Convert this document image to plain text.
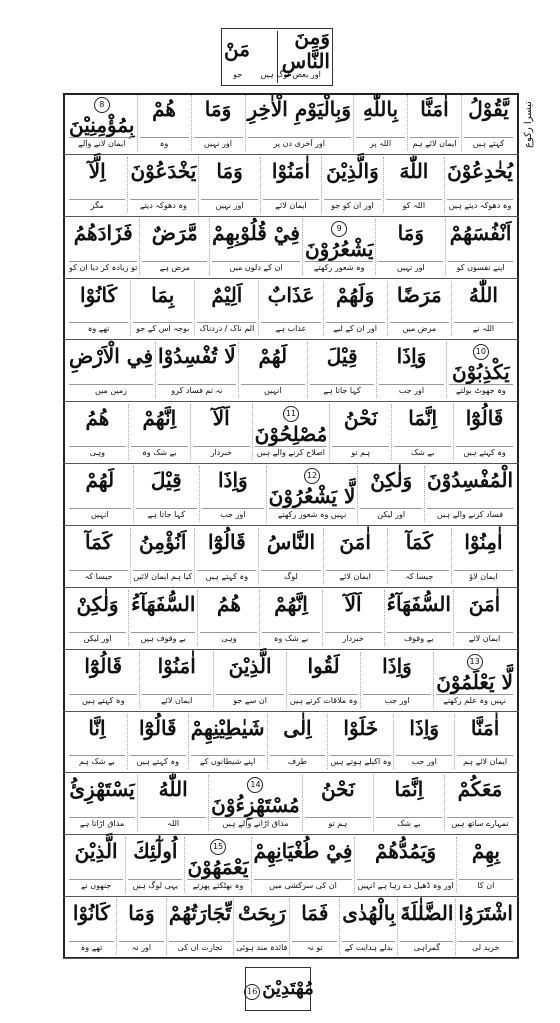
وَمِنَ النَّاسِ
مَنْ
اور بعض لوگ ہیں
جو
تیسرا رکوع
يَّقُوْلُ
کہتے ہیں
اٰمَنَّا
ایمان لائے ہم
بِاللّٰهِ
اللہ پر
وَبِالْيَوْمِ الْاٰخِرِ
اور آخری دن پر
وَمَا
اور نہیں
هُمْ
وہ
8
بِمُؤْمِنِيْنَ
ایمان لانے والے
يُخٰدِعُوْنَ
وہ دھوکہ دیتے ہیں
اللّٰهَ
اللہ کو
وَالَّذِيْنَ
اور ان کو جو
اٰمَنُوْا
ایمان لائے
وَمَا
اور نہیں
يَخْدَعُوْنَ
وہ دھوکہ دیتے
اِلَّآ
مگر
اَنْفُسَهُمْ
اپنے نفسوں کو
وَمَا
اور نہیں
9
يَشْعُرُوْنَ
وہ شعور رکھتے
فِيْ قُلُوْبِهِمْ
ان کے دلوں میں
مَّرَضٌ
مرض ہے
فَزَادَهُمُ
تو زیادہ کر دیا ان کو
اللّٰهُ
اللہ نے
مَرَضًا
مرض میں
وَلَهُمْ
اور ان کے لیے
عَذَابٌ
عذاب ہے
اَلِيْمٌ
الم ناک / دردناک
بِمَا
بوجہ اس کے جو
كَانُوْا
تھے وہ
10
يَكْذِبُوْنَ
وہ جھوٹ بولتے
وَاِذَا
اور جب
قِيْلَ
کہا جاتا ہے
لَهُمْ
انہیں
لَا تُفْسِدُوْا
نہ تم فساد کرو
فِي الْاَرْضِ
زمین میں
قَالُوْٓا
وہ کہتے ہیں
اِنَّمَا
بے شک
نَحْنُ
ہم تو
11
مُصْلِحُوْنَ
اصلاح کرنے والے ہیں
اَلَآ
خبردار
اِنَّهُمْ
بے شک وہ
هُمُ
وہی
الْمُفْسِدُوْنَ
فساد کرنے والے ہیں
وَلٰكِنْ
اور لیکن
12
لَّا يَشْعُرُوْنَ
نہیں وہ شعور رکھتے
وَاِذَا
اور جب
قِيْلَ
کہا جاتا ہے
لَهُمْ
انہیں
اٰمِنُوْا
ایمان لاؤ
كَمَآ
جیسا کہ
اٰمَنَ
ایمان لائے
النَّاسُ
لوگ
قَالُوْٓا
وہ کہتے ہیں
اَنُؤْمِنُ
کیا ہم ایمان لائیں
كَمَآ
جیسا کہ
اٰمَنَ
ایمان لائے
السُّفَهَآءُ
بے وقوف
اَلَآ
خبردار
اِنَّهُمْ
بے شک وہ
هُمُ
وہی
السُّفَهَآءُ
بے وقوف ہیں
وَلٰكِنْ
اور لیکن
13
لَّا يَعْلَمُوْنَ
نہیں وہ علم رکھتے
وَاِذَا
اور جب
لَقُوا
وہ ملاقات کرتے ہیں
الَّذِيْنَ
ان سے جو
اٰمَنُوْا
ایمان لائے
قَالُوْٓا
وہ کہتے ہیں
اٰمَنَّا
ایمان لائے ہم
وَاِذَا
اور جب
خَلَوْا
وہ اکیلے ہوتے ہیں
اِلٰى
طرف
شَيٰطِيْنِهِمْ
اپنے شیطانوں کے
قَالُوْٓا
وہ کہتے ہیں
اِنَّا
بے شک ہم
مَعَكُمْ
تمہارے ساتھ ہیں
اِنَّمَا
بے شک
نَحْنُ
ہم تو
14
مُسْتَهْزِءُوْنَ
مذاق اڑانے والے ہیں
اللّٰهُ
اللہ
يَسْتَهْزِئُ
مذاق اڑاتا ہے
بِهِمْ
ان کا
وَيَمُدُّهُمْ
اور وہ ڈھیل دے رہا ہے انہیں
فِيْ طُغْيَانِهِمْ
ان کی سرکشی میں
15
يَعْمَهُوْنَ
وہ بھٹکتے پھرتے
اُولٰٓئِكَ
یہی لوگ ہیں
الَّذِيْنَ
جنھوں نے
اشْتَرَوُا
خرید لی
الضَّلٰلَةَ
گمراہی
بِالْهُدٰى
بدلے ہدایت کے
فَمَا
تو نہ
رَبِحَتْ
فائدہ مند ہوئی
تِّجَارَتُهُمْ
تجارت ان کی
وَمَا
اور نہ
كَانُوْا
تھے وہ
مُهْتَدِيْنَ16
